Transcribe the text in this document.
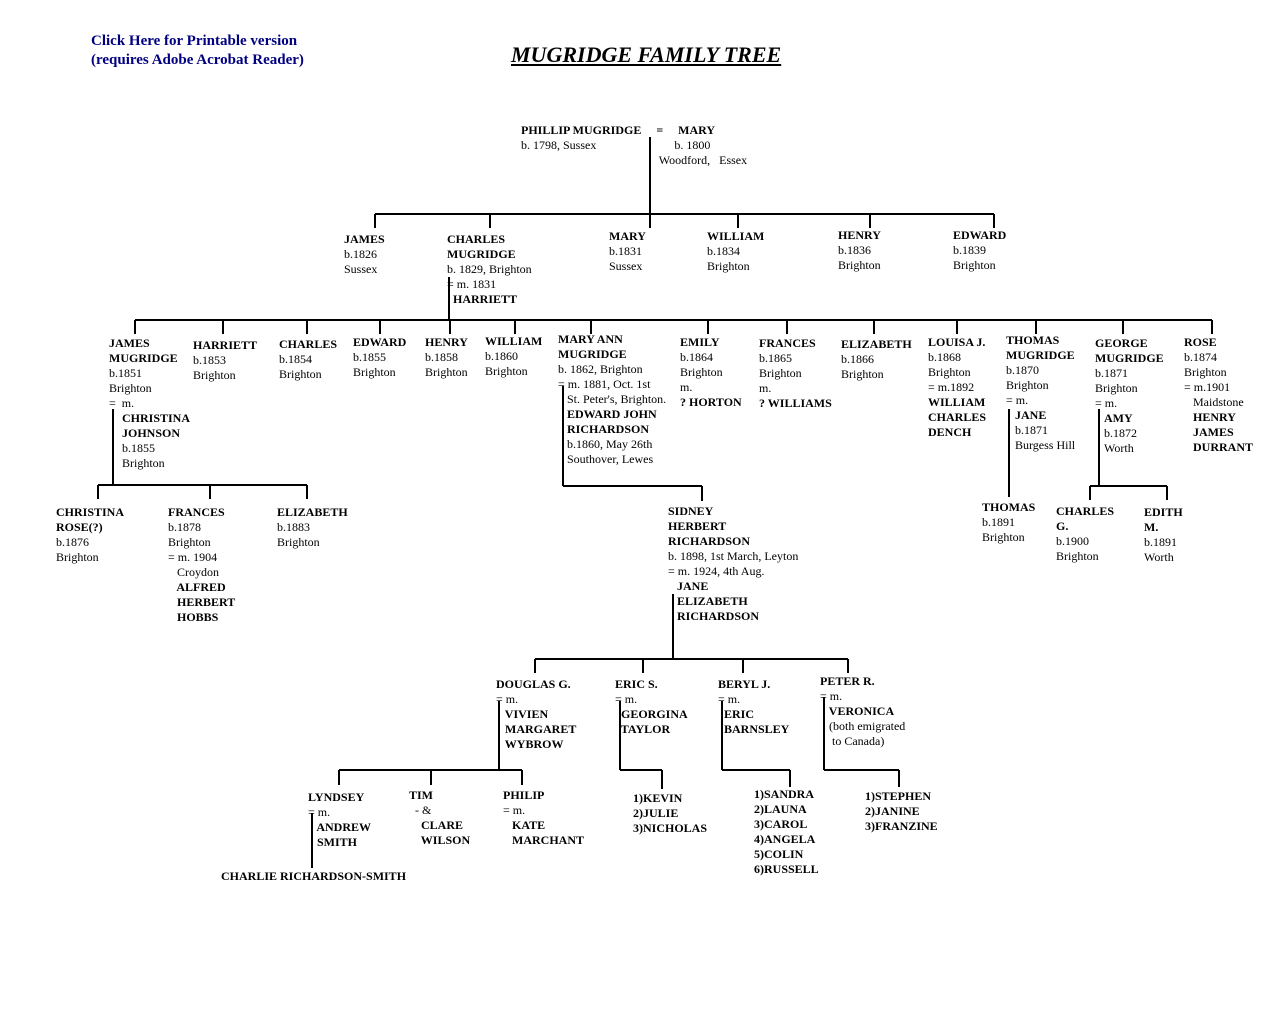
Click Here for Printable version
(requires Adobe Acrobat Reader)	MUGRIDGE FAMILY TREE
PHILLIP MUGRIDGE     =     MARY
b. 1798, Sussex                          b. 1800
Woodford,   Essex
JAMES
b.1826
Sussex
CHARLES
MUGRIDGE
b. 1829, Brighton
= m. 1831
HARRIETT
MARY
b.1831
Sussex
WILLIAM
b.1834
Brighton
HENRY
b.1836
Brighton
EDWARD
b.1839
Brighton
JAMES
MUGRIDGE
b.1851
Brighton
=  m.
CHRISTINA
JOHNSON
b.1855
Brighton
HARRIETT
b.1853
Brighton
CHARLES
b.1854
Brighton
EDWARD
b.1855
Brighton
HENRY
b.1858
Brighton
WILLIAM
b.1860
Brighton
MARY ANN
MUGRIDGE
b. 1862, Brighton
= m. 1881, Oct. 1st
St. Peter's, Brighton.
EDWARD JOHN
RICHARDSON
b.1860, May 26th
Southover, Lewes
EMILY
b.1864
Brighton
m.
? HORTON
FRANCES
b.1865
Brighton
m.
? WILLIAMS
ELIZABETH
b.1866
Brighton
LOUISA J.
b.1868
Brighton
= m.1892
WILLIAM
CHARLES
DENCH
THOMAS
MUGRIDGE
b.1870
Brighton
= m.
JANE
b.1871
Burgess Hill
GEORGE
MUGRIDGE
b.1871
Brighton
= m.
AMY
b.1872
Worth
ROSE
b.1874
Brighton
= m.1901
Maidstone
HENRY
JAMES
DURRANT
CHRISTINA
ROSE(?)
b.1876
Brighton
FRANCES
b.1878
Brighton
= m. 1904
Croydon
ALFRED
HERBERT
HOBBS
ELIZABETH
b.1883
Brighton
SIDNEY
HERBERT
RICHARDSON
b. 1898, 1st March, Leyton
= m. 1924, 4th Aug.
JANE
ELIZABETH
RICHARDSON
THOMAS
b.1891
Brighton
CHARLES
G.
b.1900
Brighton
EDITH
M.
b.1891
Worth
DOUGLAS G.
= m.
VIVIEN
MARGARET
WYBROW
ERIC S.
= m.
GEORGINA
TAYLOR
BERYL J.
= m.
ERIC
BARNSLEY
PETER R.
= m.
VERONICA
(both emigrated
to Canada)
LYNDSEY
= m.
ANDREW
SMITH
TIM
- &
CLARE
WILSON
PHILIP
= m.
KATE
MARCHANT
1)KEVIN
2)JULIE
3)NICHOLAS
1)SANDRA
2)LAUNA
3)CAROL
4)ANGELA
5)COLIN
6)RUSSELL
1)STEPHEN
2)JANINE
3)FRANZINE
CHARLIE RICHARDSON-SMITH
